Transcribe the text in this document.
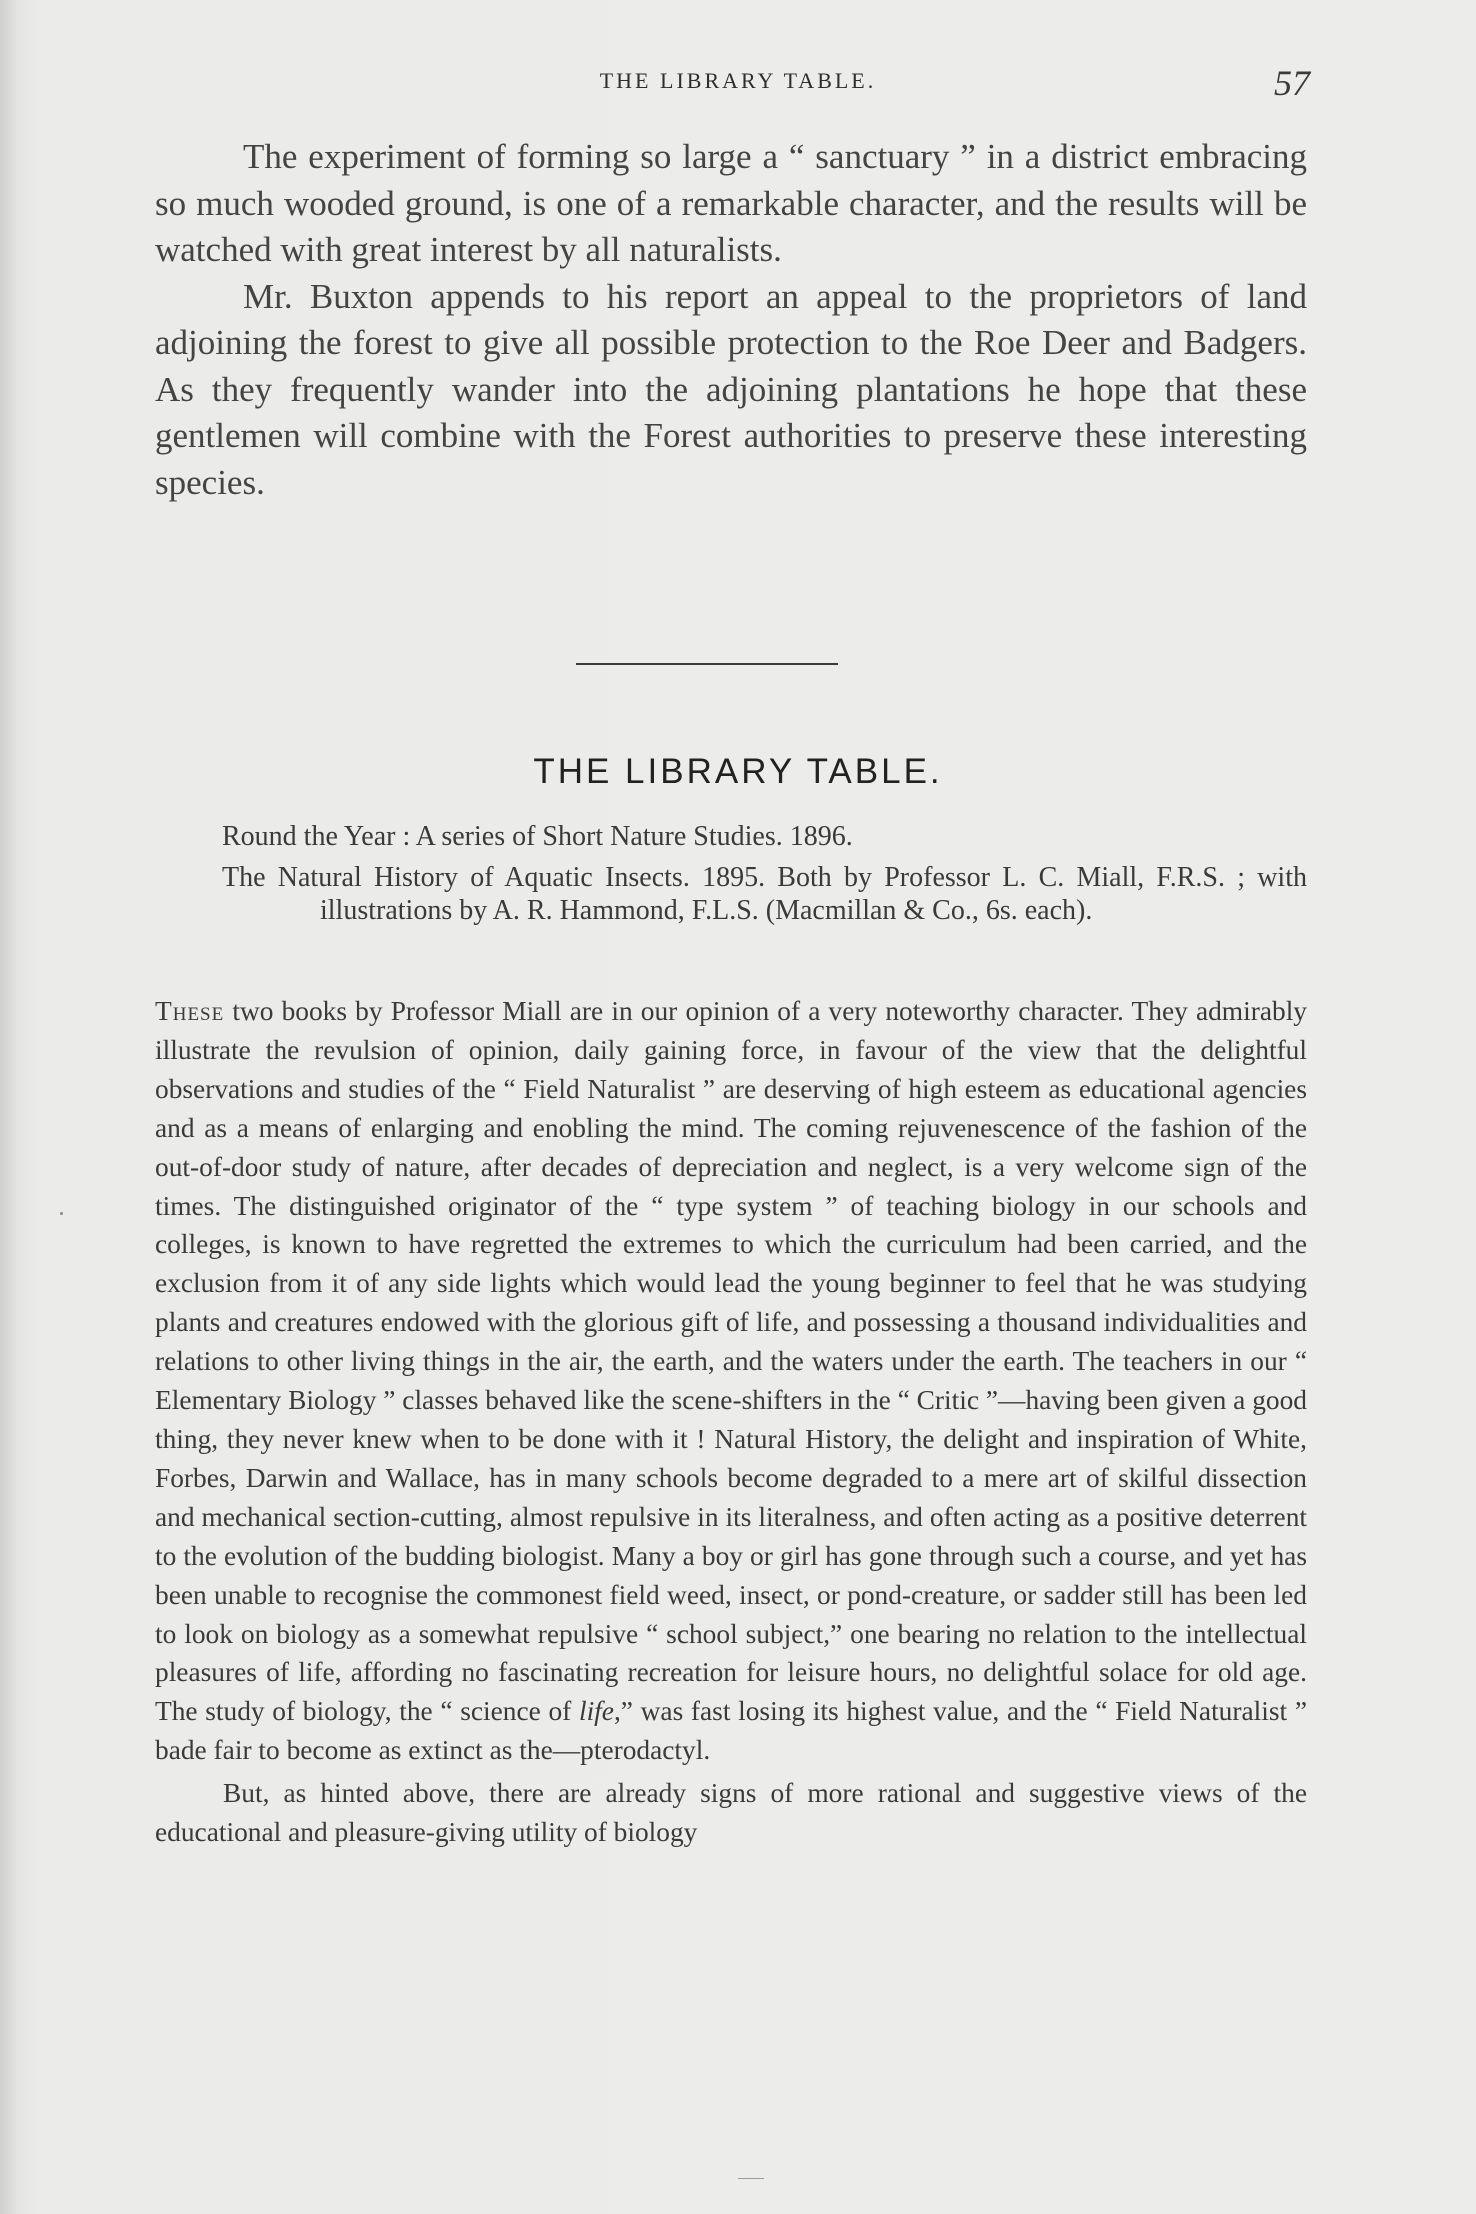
THE LIBRARY TABLE.	57

The experiment of forming so large a “ sanctuary ” in a district embracing so much wooded ground, is one of a remarkable character, and the results will be watched with great interest by all naturalists.

Mr. Buxton appends to his report an appeal to the proprietors of land adjoining the forest to give all possible protection to the Roe Deer and Badgers. As they frequently wander into the adjoining plantations he hope that these gentlemen will combine with the Forest authorities to preserve these interesting species.

THE LIBRARY TABLE.

Round the Year : A series of Short Nature Studies. 1896.

The Natural History of Aquatic Insects. 1895. Both by Professor L. C. Miall, F.R.S. ; with illustrations by A. R. Hammond, F.L.S. (Macmillan & Co., 6s. each).

These two books by Professor Miall are in our opinion of a very noteworthy character. They admirably illustrate the revulsion of opinion, daily gaining force, in favour of the view that the delightful observations and studies of the “ Field Naturalist ” are deserving of high esteem as educational agencies and as a means of enlarging and enobling the mind. The coming rejuvenescence of the fashion of the out-of-door study of nature, after decades of depreciation and neglect, is a very welcome sign of the times. The distinguished originator of the “ type system ” of teaching biology in our schools and colleges, is known to have regretted the extremes to which the curriculum had been carried, and the exclusion from it of any side lights which would lead the young beginner to feel that he was studying plants and creatures endowed with the glorious gift of life, and possessing a thousand individualities and relations to other living things in the air, the earth, and the waters under the earth. The teachers in our “ Elementary Biology ” classes behaved like the scene-shifters in the “ Critic ”—having been given a good thing, they never knew when to be done with it ! Natural History, the delight and inspiration of White, Forbes, Darwin and Wallace, has in many schools become degraded to a mere art of skilful dissection and mechanical section-cutting, almost repulsive in its literalness, and often acting as a positive deterrent to the evolution of the budding biologist. Many a boy or girl has gone through such a course, and yet has been unable to recognise the commonest field weed, insect, or pond-creature, or sadder still has been led to look on biology as a somewhat repulsive “ school subject,” one bearing no relation to the intellectual pleasures of life, affording no fascinating recreation for leisure hours, no delightful solace for old age. The study of biology, the “ science of life,” was fast losing its highest value, and the “ Field Naturalist ” bade fair to become as extinct as the—pterodactyl.

But, as hinted above, there are already signs of more rational and suggestive views of the educational and pleasure-giving utility of biology
